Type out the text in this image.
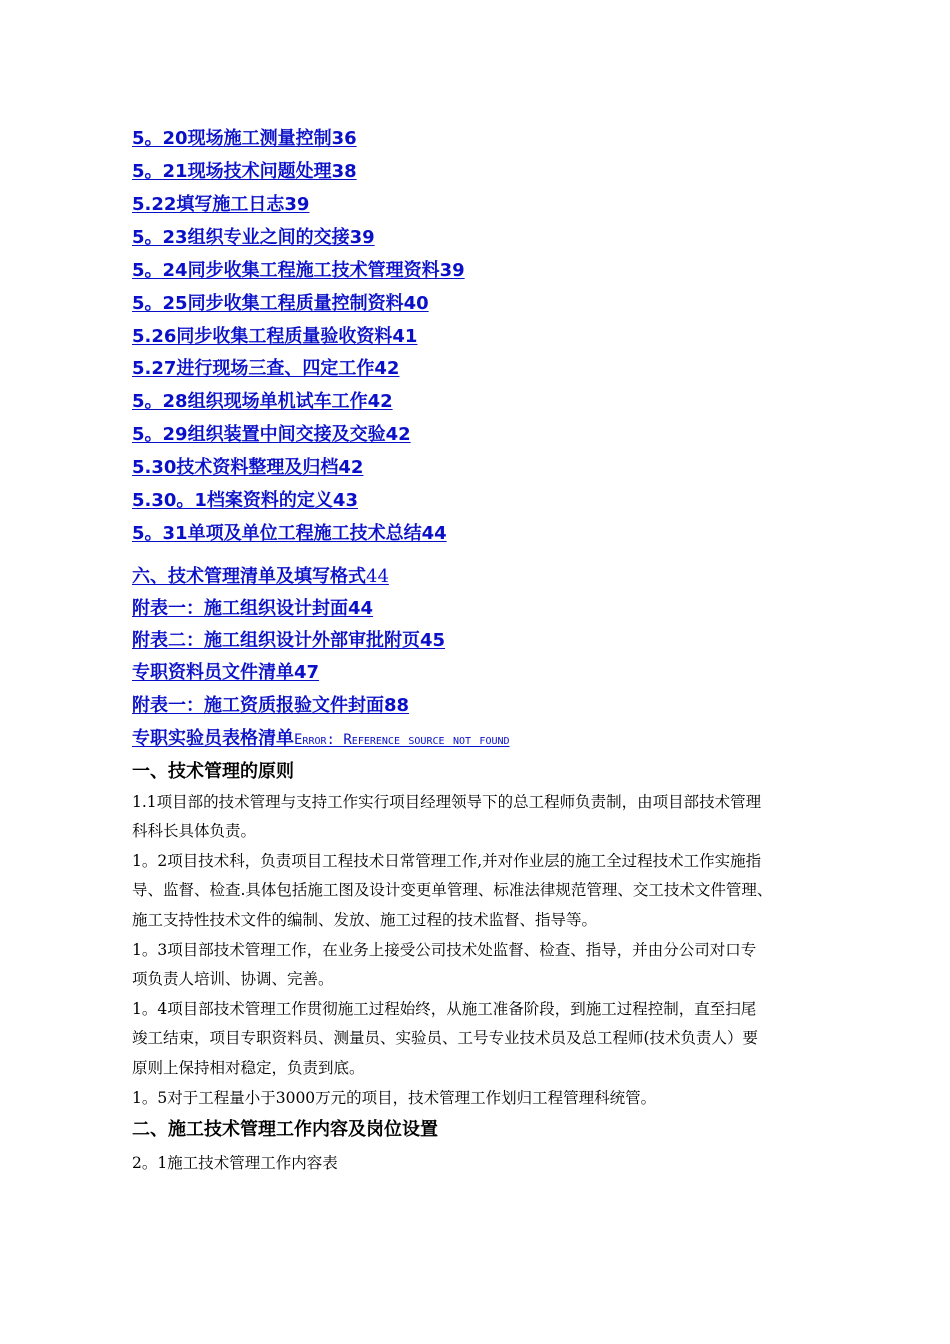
5。20现场施工测量控制36
5。21现场技术问题处理38
5.22填写施工日志39
5。23组织专业之间的交接39
5。24同步收集工程施工技术管理资料39
5。25同步收集工程质量控制资料40
5.26同步收集工程质量验收资料41
5.27进行现场三查、四定工作42
5。28组织现场单机试车工作42
5。29组织装置中间交接及交验42
5.30技术资料整理及归档42
5.30。1档案资料的定义43
5。31单项及单位工程施工技术总结44
六、技术管理清单及填写格式44
附表一：施工组织设计封面44
附表二：施工组织设计外部审批附页45
专职资料员文件清单47
附表一：施工资质报验文件封面88
专职实验员表格清单Error: Reference source not found
一、技术管理的原则
1.1项目部的技术管理与支持工作实行项目经理领导下的总工程师负责制，由项目部技术管理
科科长具体负责。
1。2项目技术科，负责项目工程技术日常管理工作,并对作业层的施工全过程技术工作实施指
导、监督、检查.具体包括施工图及设计变更单管理、标准法律规范管理、交工技术文件管理、
施工支持性技术文件的编制、发放、施工过程的技术监督、指导等。
1。3项目部技术管理工作，在业务上接受公司技术处监督、检查、指导，并由分公司对口专
项负责人培训、协调、完善。
1。4项目部技术管理工作贯彻施工过程始终，从施工准备阶段，到施工过程控制，直至扫尾
竣工结束，项目专职资料员、测量员、实验员、工号专业技术员及总工程师(技术负责人）要
原则上保持相对稳定，负责到底。
1。5对于工程量小于3000万元的项目，技术管理工作划归工程管理科统管。
二、施工技术管理工作内容及岗位设置
2。1施工技术管理工作内容表
